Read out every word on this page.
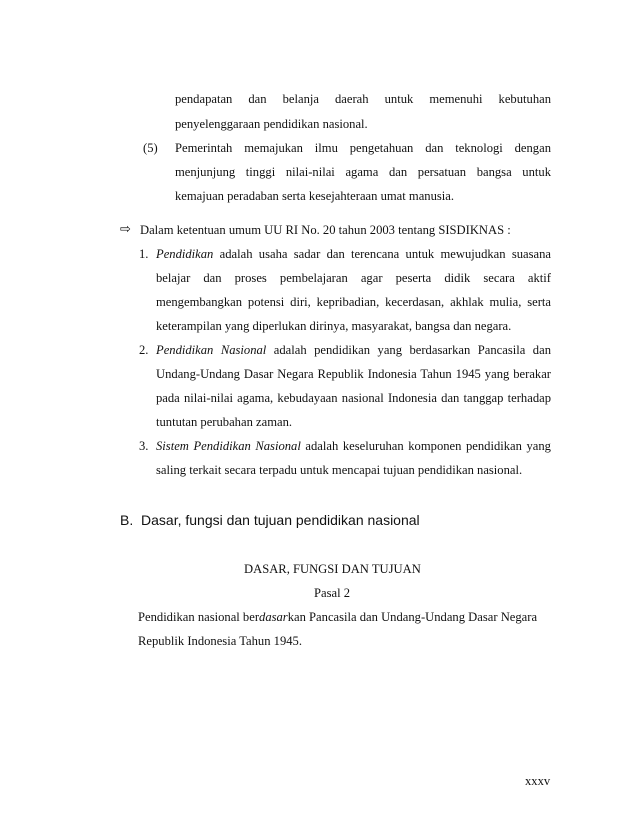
pendapatan dan belanja daerah untuk memenuhi kebutuhan
penyelenggaraan pendidikan nasional.
(5) Pemerintah memajukan ilmu pengetahuan dan teknologi dengan
menjunjung tinggi nilai-nilai agama dan persatuan bangsa untuk
kemajuan peradaban serta kesejahteraan umat manusia.
⇨ Dalam ketentuan umum UU RI No. 20 tahun 2003 tentang SISDIKNAS :
1. Pendidikan adalah usaha sadar dan terencana untuk mewujudkan suasana
belajar dan proses pembelajaran agar peserta didik secara aktif
mengembangkan potensi diri, kepribadian, kecerdasan, akhlak mulia, serta
keterampilan yang diperlukan dirinya, masyarakat, bangsa dan negara.
2. Pendidikan Nasional adalah pendidikan yang berdasarkan Pancasila dan
Undang-Undang Dasar Negara Republik Indonesia Tahun 1945 yang berakar
pada nilai-nilai agama, kebudayaan nasional Indonesia dan tanggap terhadap
tuntutan perubahan zaman.
3. Sistem Pendidikan Nasional adalah keseluruhan komponen pendidikan yang
saling terkait secara terpadu untuk mencapai tujuan pendidikan nasional.
B.  Dasar, fungsi dan tujuan pendidikan nasional
DASAR, FUNGSI DAN TUJUAN
Pasal 2
Pendidikan nasional berdasarkan Pancasila dan Undang-Undang Dasar Negara
Republik Indonesia Tahun 1945.
xxxv
